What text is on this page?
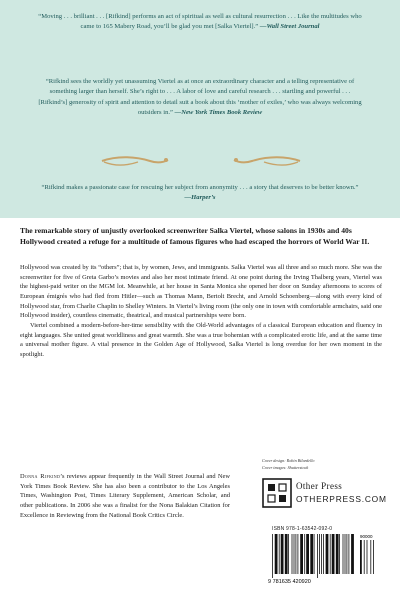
“Moving . . . brilliant . . . [Rifkind] performs an act of spiritual as well as cultural resurrection . . . Like the multitudes who came to 165 Mabery Road, you’ll be glad you met [Salka Viertel].” —Wall Street Journal
“Rifkind sees the worldly yet unassuming Viertel as at once an extraordinary character and a telling representative of something larger than herself. She’s right to . . . A labor of love and careful research . . . startling and powerful . . . [Rifkind’s] generosity of spirit and attention to detail suit a book about this ‘mother of exiles,’ who was always welcoming outsiders in.” —New York Times Book Review
“Rifkind makes a passionate case for rescuing her subject from anonymity . . . a story that deserves to be better known.” —Harper’s
The remarkable story of unjustly overlooked screenwriter Salka Viertel, whose salons in 1930s and 40s Hollywood created a refuge for a multitude of famous figures who had escaped the horrors of World War II.

Hollywood was created by its “others”; that is, by women, Jews, and immigrants. Salka Viertel was all three and so much more. She was the screenwriter for five of Greta Garbo’s movies and also her most intimate friend. At one point during the Irving Thalberg years, Viertel was the highest-paid writer on the MGM lot. Meanwhile, at her house in Santa Monica she opened her door on Sunday afternoons to scores of European émigrés who had fled from Hitler—such as Thomas Mann, Bertolt Brecht, and Arnold Schoenberg—along with every kind of Hollywood star, from Charlie Chaplin to Shelley Winters. In Viertel’s living room (the only one in town with comfortable armchairs, said one Hollywood insider), countless cinematic, theatrical, and musical partnerships were born.

Viertel combined a modern-before-her-time sensibility with the Old-World advantages of a classical European education and fluency in eight languages. She united great worldliness and great warmth. She was a true bohemian with a complicated erotic life, and at the same time a universal mother figure. A vital presence in the Golden Age of Hollywood, Salka Viertel is long overdue for her own moment in the spotlight.

Donna Rifkind’s reviews appear frequently in the Wall Street Journal and New York Times Book Review. She has also been a contributor to the Los Angeles Times, Washington Post, Times Literary Supplement, American Scholar, and other publications. In 2006 she was a finalist for the Nona Balakian Citation for Excellence in Reviewing from the National Book Critics Circle.
Cover design: Robin Bilardello
Cover images: Shutterstock
Other Press
OTHERPRESS.COM
ISBN 978-1-63542-092-0
9 781635 420920
90000
